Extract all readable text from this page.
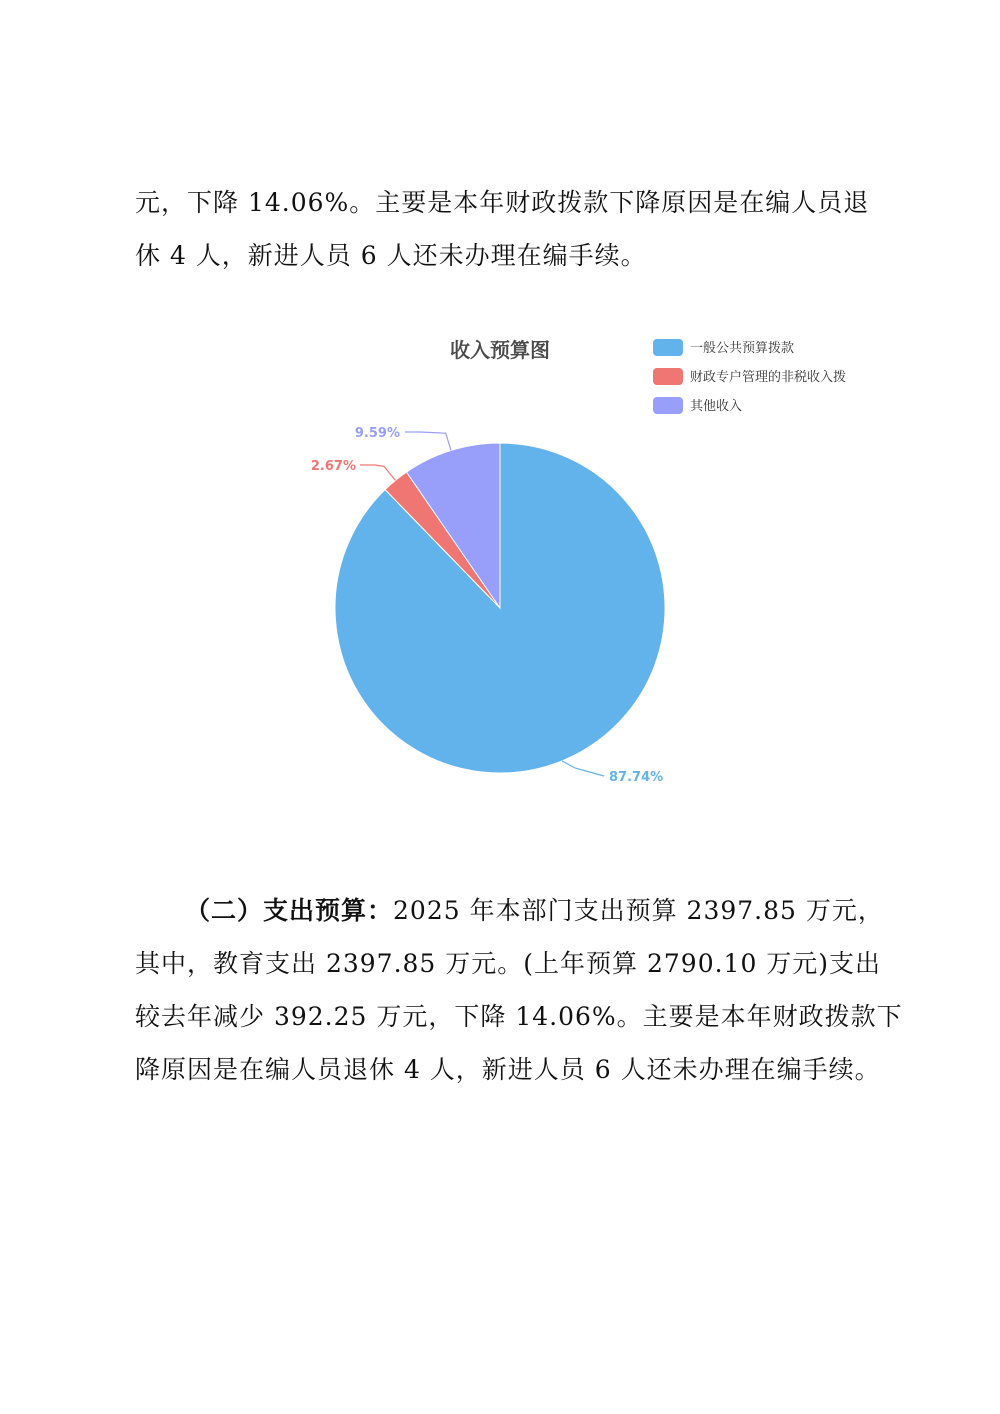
元，下降 14.06%。主要是本年财政拨款下降原因是在编人员退
休 4 人，新进人员 6 人还未办理在编手续。
收入预算图	一般公共预算拨款
财政专户管理的非税收入拨
其他收入
87.74%
2.67%
9.59%
（二）支出预算：2025 年本部门支出预算 2397.85 万元，
其中，教育支出 2397.85 万元。(上年预算 2790.10 万元)支出
较去年减少 392.25 万元，下降 14.06%。主要是本年财政拨款下
降原因是在编人员退休 4 人，新进人员 6 人还未办理在编手续。
